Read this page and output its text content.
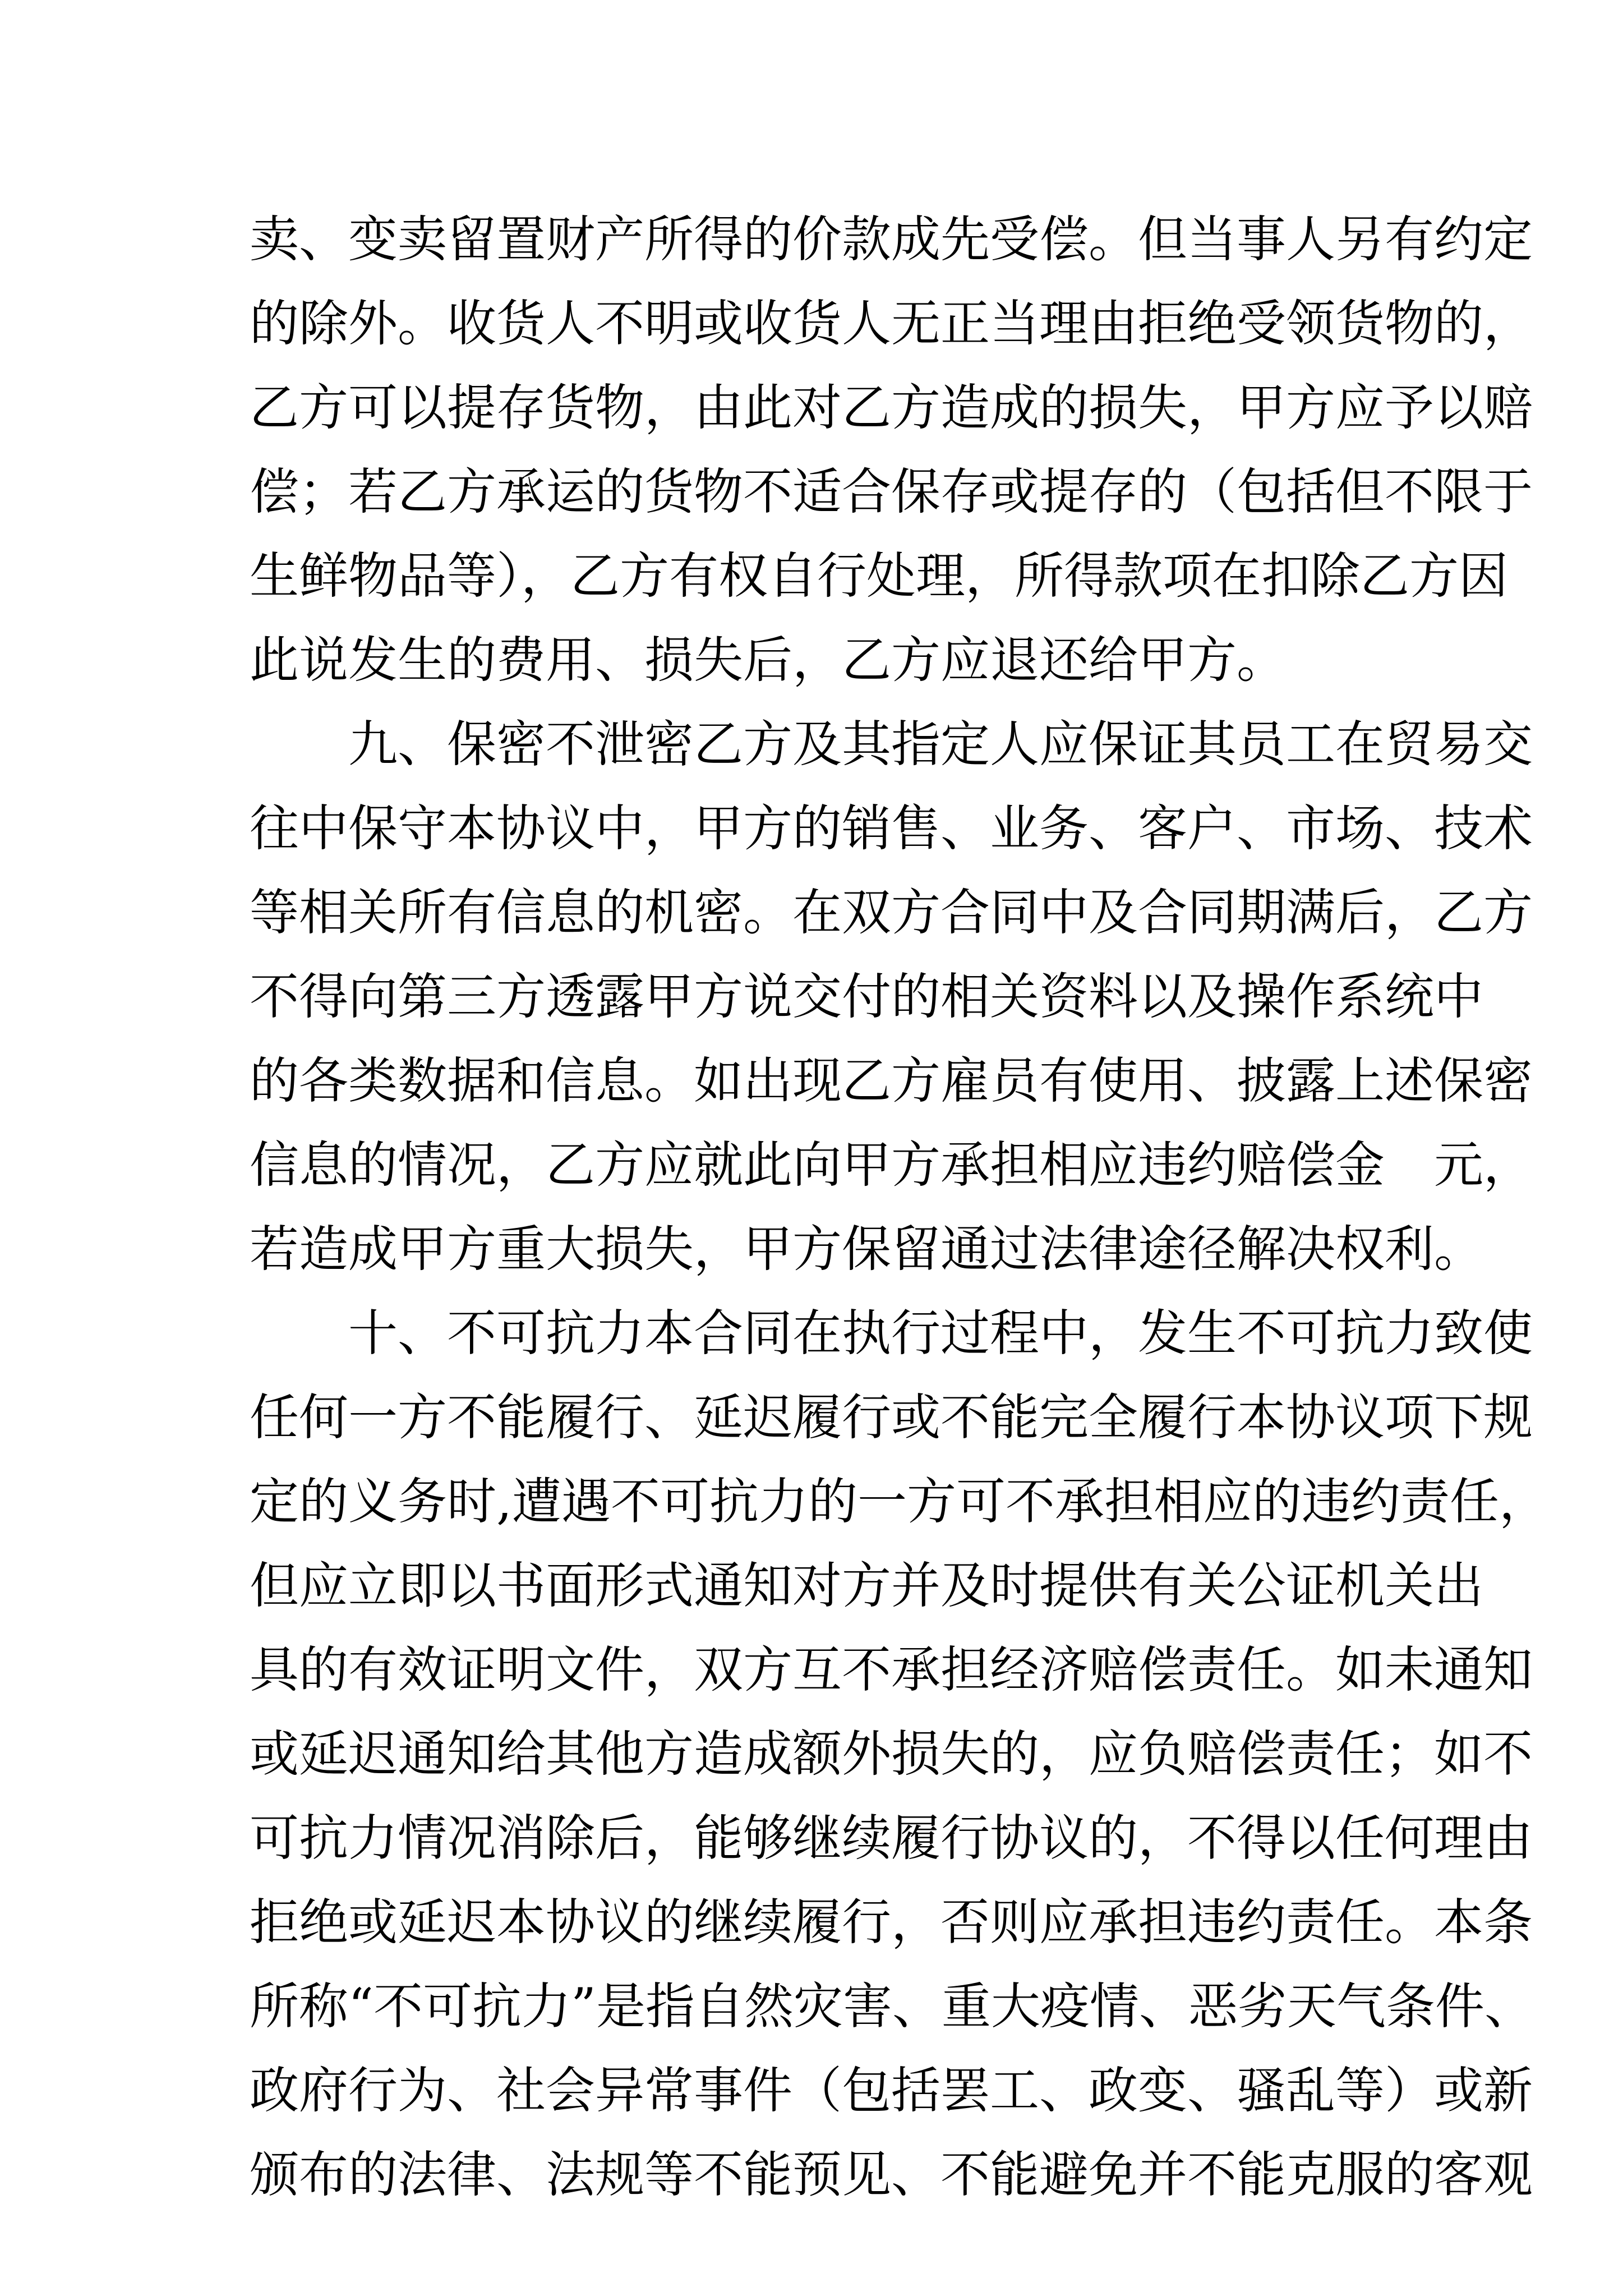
卖、变卖留置财产所得的价款成先受偿。但当事人另有约定
的除外。收货人不明或收货人无正当理由拒绝受领货物的，
乙方可以提存货物，由此对乙方造成的损失，甲方应予以赔
偿；若乙方承运的货物不适合保存或提存的（包括但不限于
生鲜物品等），乙方有权自行处理，所得款项在扣除乙方因
此说发生的费用、损失后，乙方应退还给甲方。
　　九、保密不泄密乙方及其指定人应保证其员工在贸易交
往中保守本协议中，甲方的销售、业务、客户、市场、技术
等相关所有信息的机密。在双方合同中及合同期满后，乙方
不得向第三方透露甲方说交付的相关资料以及操作系统中
的各类数据和信息。如出现乙方雇员有使用、披露上述保密
信息的情况，乙方应就此向甲方承担相应违约赔偿金　元，
若造成甲方重大损失，甲方保留通过法律途径解决权利。
　　十、不可抗力本合同在执行过程中，发生不可抗力致使
任何一方不能履行、延迟履行或不能完全履行本协议项下规
定的义务时,遭遇不可抗力的一方可不承担相应的违约责任，
但应立即以书面形式通知对方并及时提供有关公证机关出
具的有效证明文件，双方互不承担经济赔偿责任。如未通知
或延迟通知给其他方造成额外损失的，应负赔偿责任；如不
可抗力情况消除后，能够继续履行协议的，不得以任何理由
拒绝或延迟本协议的继续履行，否则应承担违约责任。本条
所称“不可抗力”是指自然灾害、重大疫情、恶劣天气条件、
政府行为、社会异常事件（包括罢工、政变、骚乱等）或新
颁布的法律、法规等不能预见、不能避免并不能克服的客观
